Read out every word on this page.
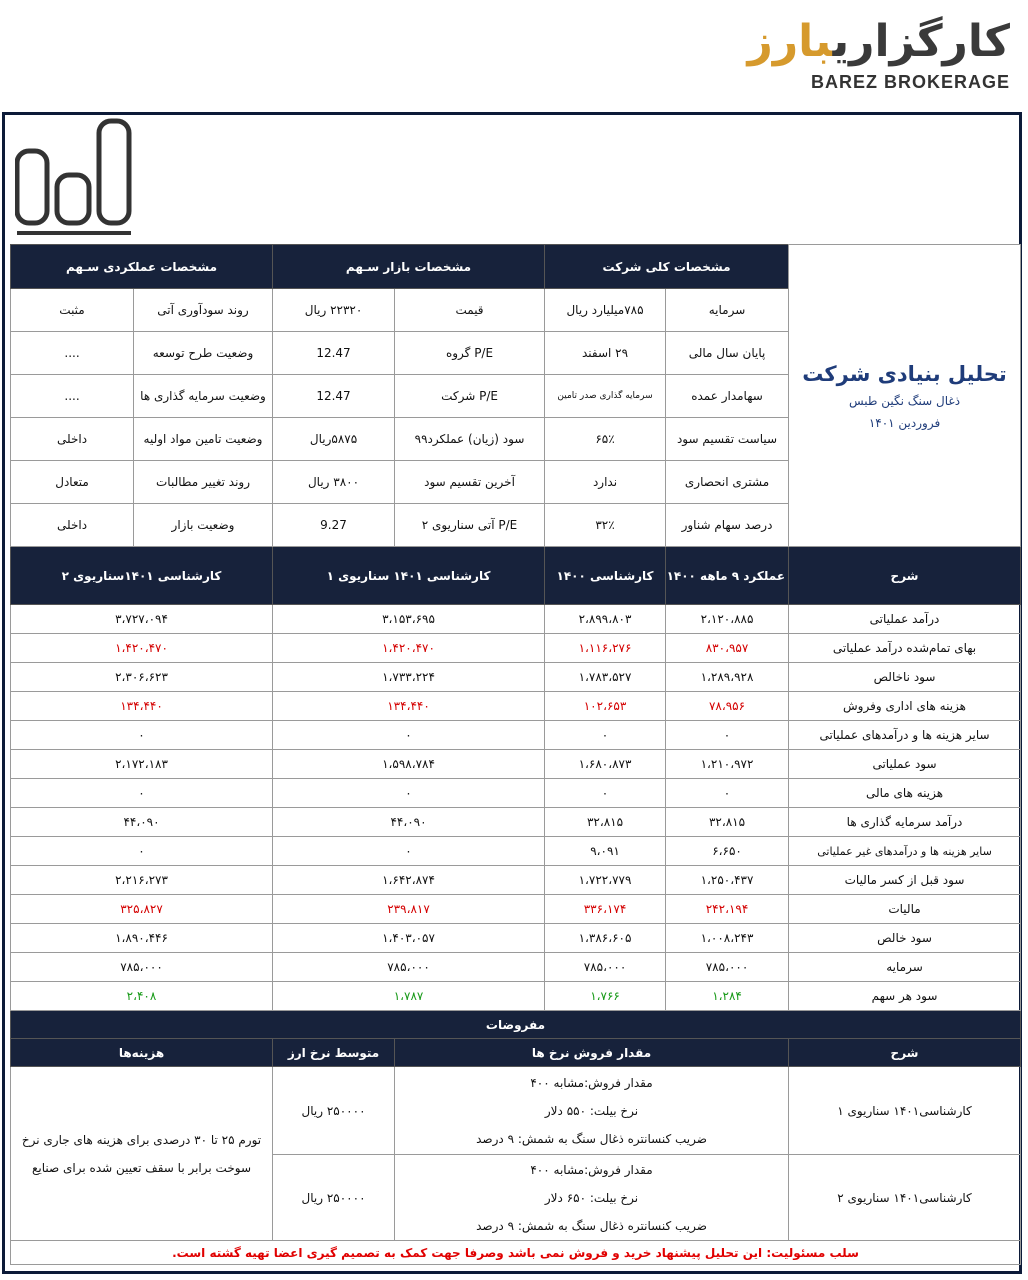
کارگزاریبارز
BAREZ BROKERAGE
تحلیل بنیادی شرکت
ذغال سنگ نگین طبس
فروردین ۱۴۰۱	مشخصات کلی شرکت		مشخصات بازار سـهم		مشخصات عملکردی سـهم	
	سرمایه	۷۸۵میلیارد ریال	قیمت	۲۲۳۲۰ ریال	روند سودآوری آتی	مثبت
	پایان سال مالی	۲۹ اسفند	P/E گروه	12.47	وضعیت طرح توسعه	....
	سهامدار عمده	سرمایه گذاری صدر تامین	P/E شرکت	12.47	وضعیت سرمایه گذاری ها	....
	سیاست تقسیم سود	۶۵٪	سود (زیان) عملکرد۹۹	۵۸۷۵ریال	وضعیت تامین مواد اولیه	داخلی
	مشتری انحصاری	ندارد	آخرین تقسیم سود	۳۸۰۰ ریال	روند تغییر مطالبات	متعادل
	درصد سهام شناور	۳۲٪	P/E آتی سناریوی ۲	9.27	وضعیت بازار	داخلی
شرح	عملکرد ۹ ماهه ۱۴۰۰	کارشناسی ۱۴۰۰	کارشناسی ۱۴۰۱ سناریوی ۱		کارشناسی ۱۴۰۱سناریوی ۲	
درآمد عملیاتی	۲،۱۲۰،۸۸۵	۲،۸۹۹،۸۰۳	۳،۱۵۳،۶۹۵		۳،۷۲۷،۰۹۴	
بهای تمام‌شده درآمد عملیاتی	۸۳۰،۹۵۷	۱،۱۱۶،۲۷۶	۱،۴۲۰،۴۷۰		۱،۴۲۰،۴۷۰	
سود ناخالص	۱،۲۸۹،۹۲۸	۱،۷۸۳،۵۲۷	۱،۷۳۳،۲۲۴		۲،۳۰۶،۶۲۳	
هزینه های اداری وفروش	۷۸،۹۵۶	۱۰۲،۶۵۳	۱۳۴،۴۴۰		۱۳۴،۴۴۰	
سایر هزینه ها و درآمدهای عملیاتی	۰	۰	۰		۰	
سود عملیاتی	۱،۲۱۰،۹۷۲	۱،۶۸۰،۸۷۳	۱،۵۹۸،۷۸۴		۲،۱۷۲،۱۸۳	
هزینه های مالی	۰	۰	۰		۰	
درآمد سرمایه گذاری ها	۳۲،۸۱۵	۳۲،۸۱۵	۴۴،۰۹۰		۴۴،۰۹۰	
سایر هزینه ها و درآمدهای غیر عملیاتی	۶،۶۵۰	۹،۰۹۱	۰		۰	
سود قبل از کسر مالیات	۱،۲۵۰،۴۳۷	۱،۷۲۲،۷۷۹	۱،۶۴۲،۸۷۴		۲،۲۱۶،۲۷۳	
مالیات	۲۴۲،۱۹۴	۳۳۶،۱۷۴	۲۳۹،۸۱۷		۳۲۵،۸۲۷	
سود خالص	۱،۰۰۸،۲۴۳	۱،۳۸۶،۶۰۵	۱،۴۰۳،۰۵۷		۱،۸۹۰،۴۴۶	
سرمایه	۷۸۵،۰۰۰	۷۸۵،۰۰۰	۷۸۵،۰۰۰		۷۸۵،۰۰۰	
سود هر سهم	۱،۲۸۴	۱،۷۶۶	۱،۷۸۷		۲،۴۰۸	
مفروضات						
شرح	مقدار فروش نرخ ها			متوسط نرخ ارز	هزینه‌ها	
کارشناسی۱۴۰۱ سناریوی ۱	مقدار فروش:مشابه ۴۰۰
نرخ بیلت: ۵۵۰ دلار
ضریب کنسانتره ذغال سنگ به شمش: ۹ درصد			۲۵۰۰۰۰ ریال	تورم ۲۵ تا ۳۰ درصدی برای هزینه های جاری نرخ سوخت برابر با سقف تعیین شده برای صنایع	
کارشناسی۱۴۰۱ سناریوی ۲	مقدار فروش:مشابه ۴۰۰
نرخ بیلت: ۶۵۰ دلار
ضریب کنسانتره ذغال سنگ به شمش: ۹ درصد			۲۵۰۰۰۰ ریال		
سلب مسئولیت: این تحلیل پیشنهاد خرید و فروش نمی باشد وصرفا جهت کمک به تصمیم گیری اعضا تهیه گشته است.						
